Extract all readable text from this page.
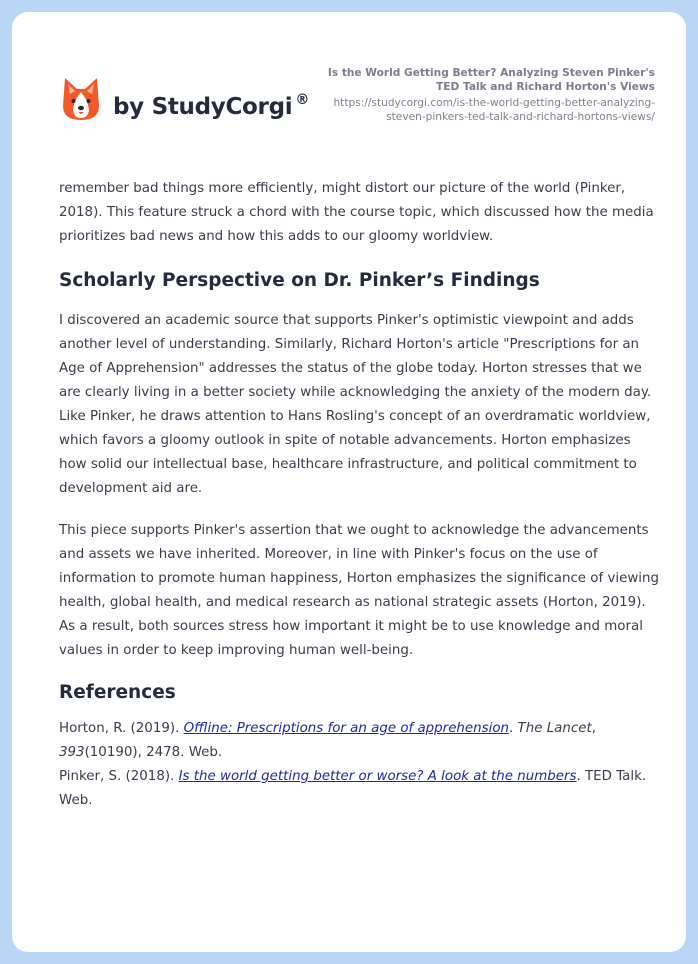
by StudyCorgi ®
Is the World Getting Better? Analyzing Steven Pinker's TED Talk and Richard Horton's Views
https://studycorgi.com/is-the-world-getting-better-analyzing-steven-pinkers-ted-talk-and-richard-hortons-views/

remember bad things more efficiently, might distort our picture of the world (Pinker, 2018). This feature struck a chord with the course topic, which discussed how the media prioritizes bad news and how this adds to our gloomy worldview.

Scholarly Perspective on Dr. Pinker’s Findings

I discovered an academic source that supports Pinker's optimistic viewpoint and adds another level of understanding. Similarly, Richard Horton's article "Prescriptions for an Age of Apprehension" addresses the status of the globe today. Horton stresses that we are clearly living in a better society while acknowledging the anxiety of the modern day. Like Pinker, he draws attention to Hans Rosling's concept of an overdramatic worldview, which favors a gloomy outlook in spite of notable advancements. Horton emphasizes how solid our intellectual base, healthcare infrastructure, and political commitment to development aid are.

This piece supports Pinker's assertion that we ought to acknowledge the advancements and assets we have inherited. Moreover, in line with Pinker's focus on the use of information to promote human happiness, Horton emphasizes the significance of viewing health, global health, and medical research as national strategic assets (Horton, 2019). As a result, both sources stress how important it might be to use knowledge and moral values in order to keep improving human well-being.

References

Horton, R. (2019). Offline: Prescriptions for an age of apprehension. The Lancet, 393(10190), 2478. Web.

Pinker, S. (2018). Is the world getting better or worse? A look at the numbers. TED Talk. Web.
